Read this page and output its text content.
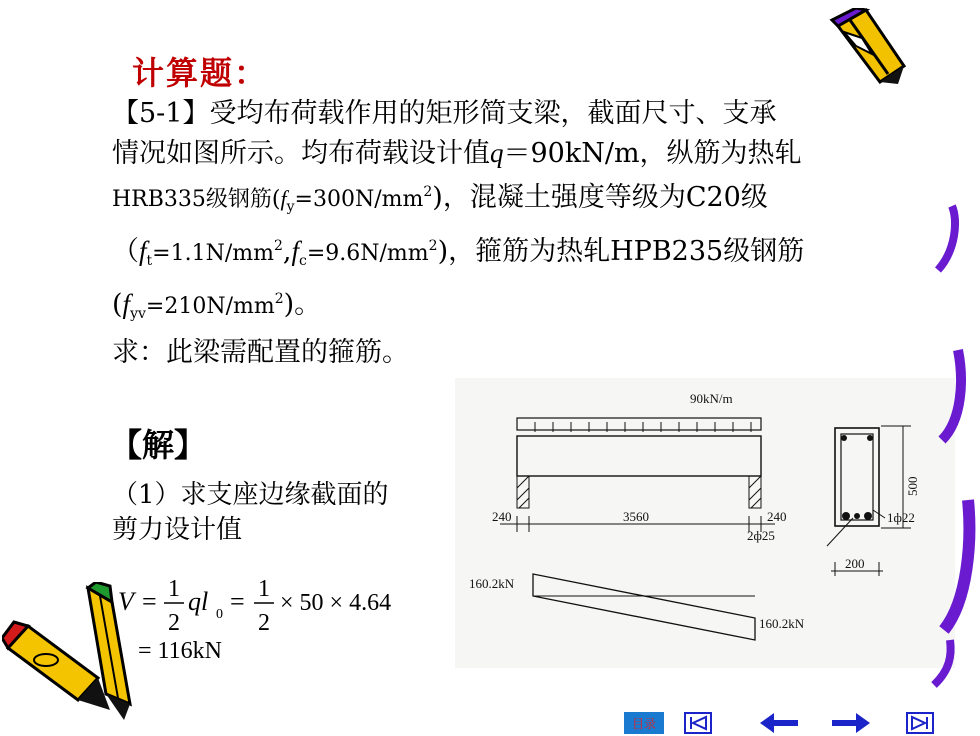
计算题：
【5-1】受均布荷载作用的矩形简支梁，截面尺寸、支承
情况如图所示。均布荷载设计值q＝90kN/m，纵筋为热轧
HRB335级钢筋$(f_y=300N/mm^2)$，混凝土强度等级为C20级
$(f_t=1.1N/mm^2,f_c=9.6N/mm^2)$，箍筋为热轧HPB235级钢筋
$(f_{yv}=210N/mm^2)$。
求：此梁需配置的箍筋。
【解】
（1）求支座边缘截面的
剪力设计值
V = 1
2
ql 0 = 1
2
× 50 × 4.64
= 116kN
90kN/m
240	3560	240
500
1ф22
2ф25
200
160.2kN
160.2kN
目录
